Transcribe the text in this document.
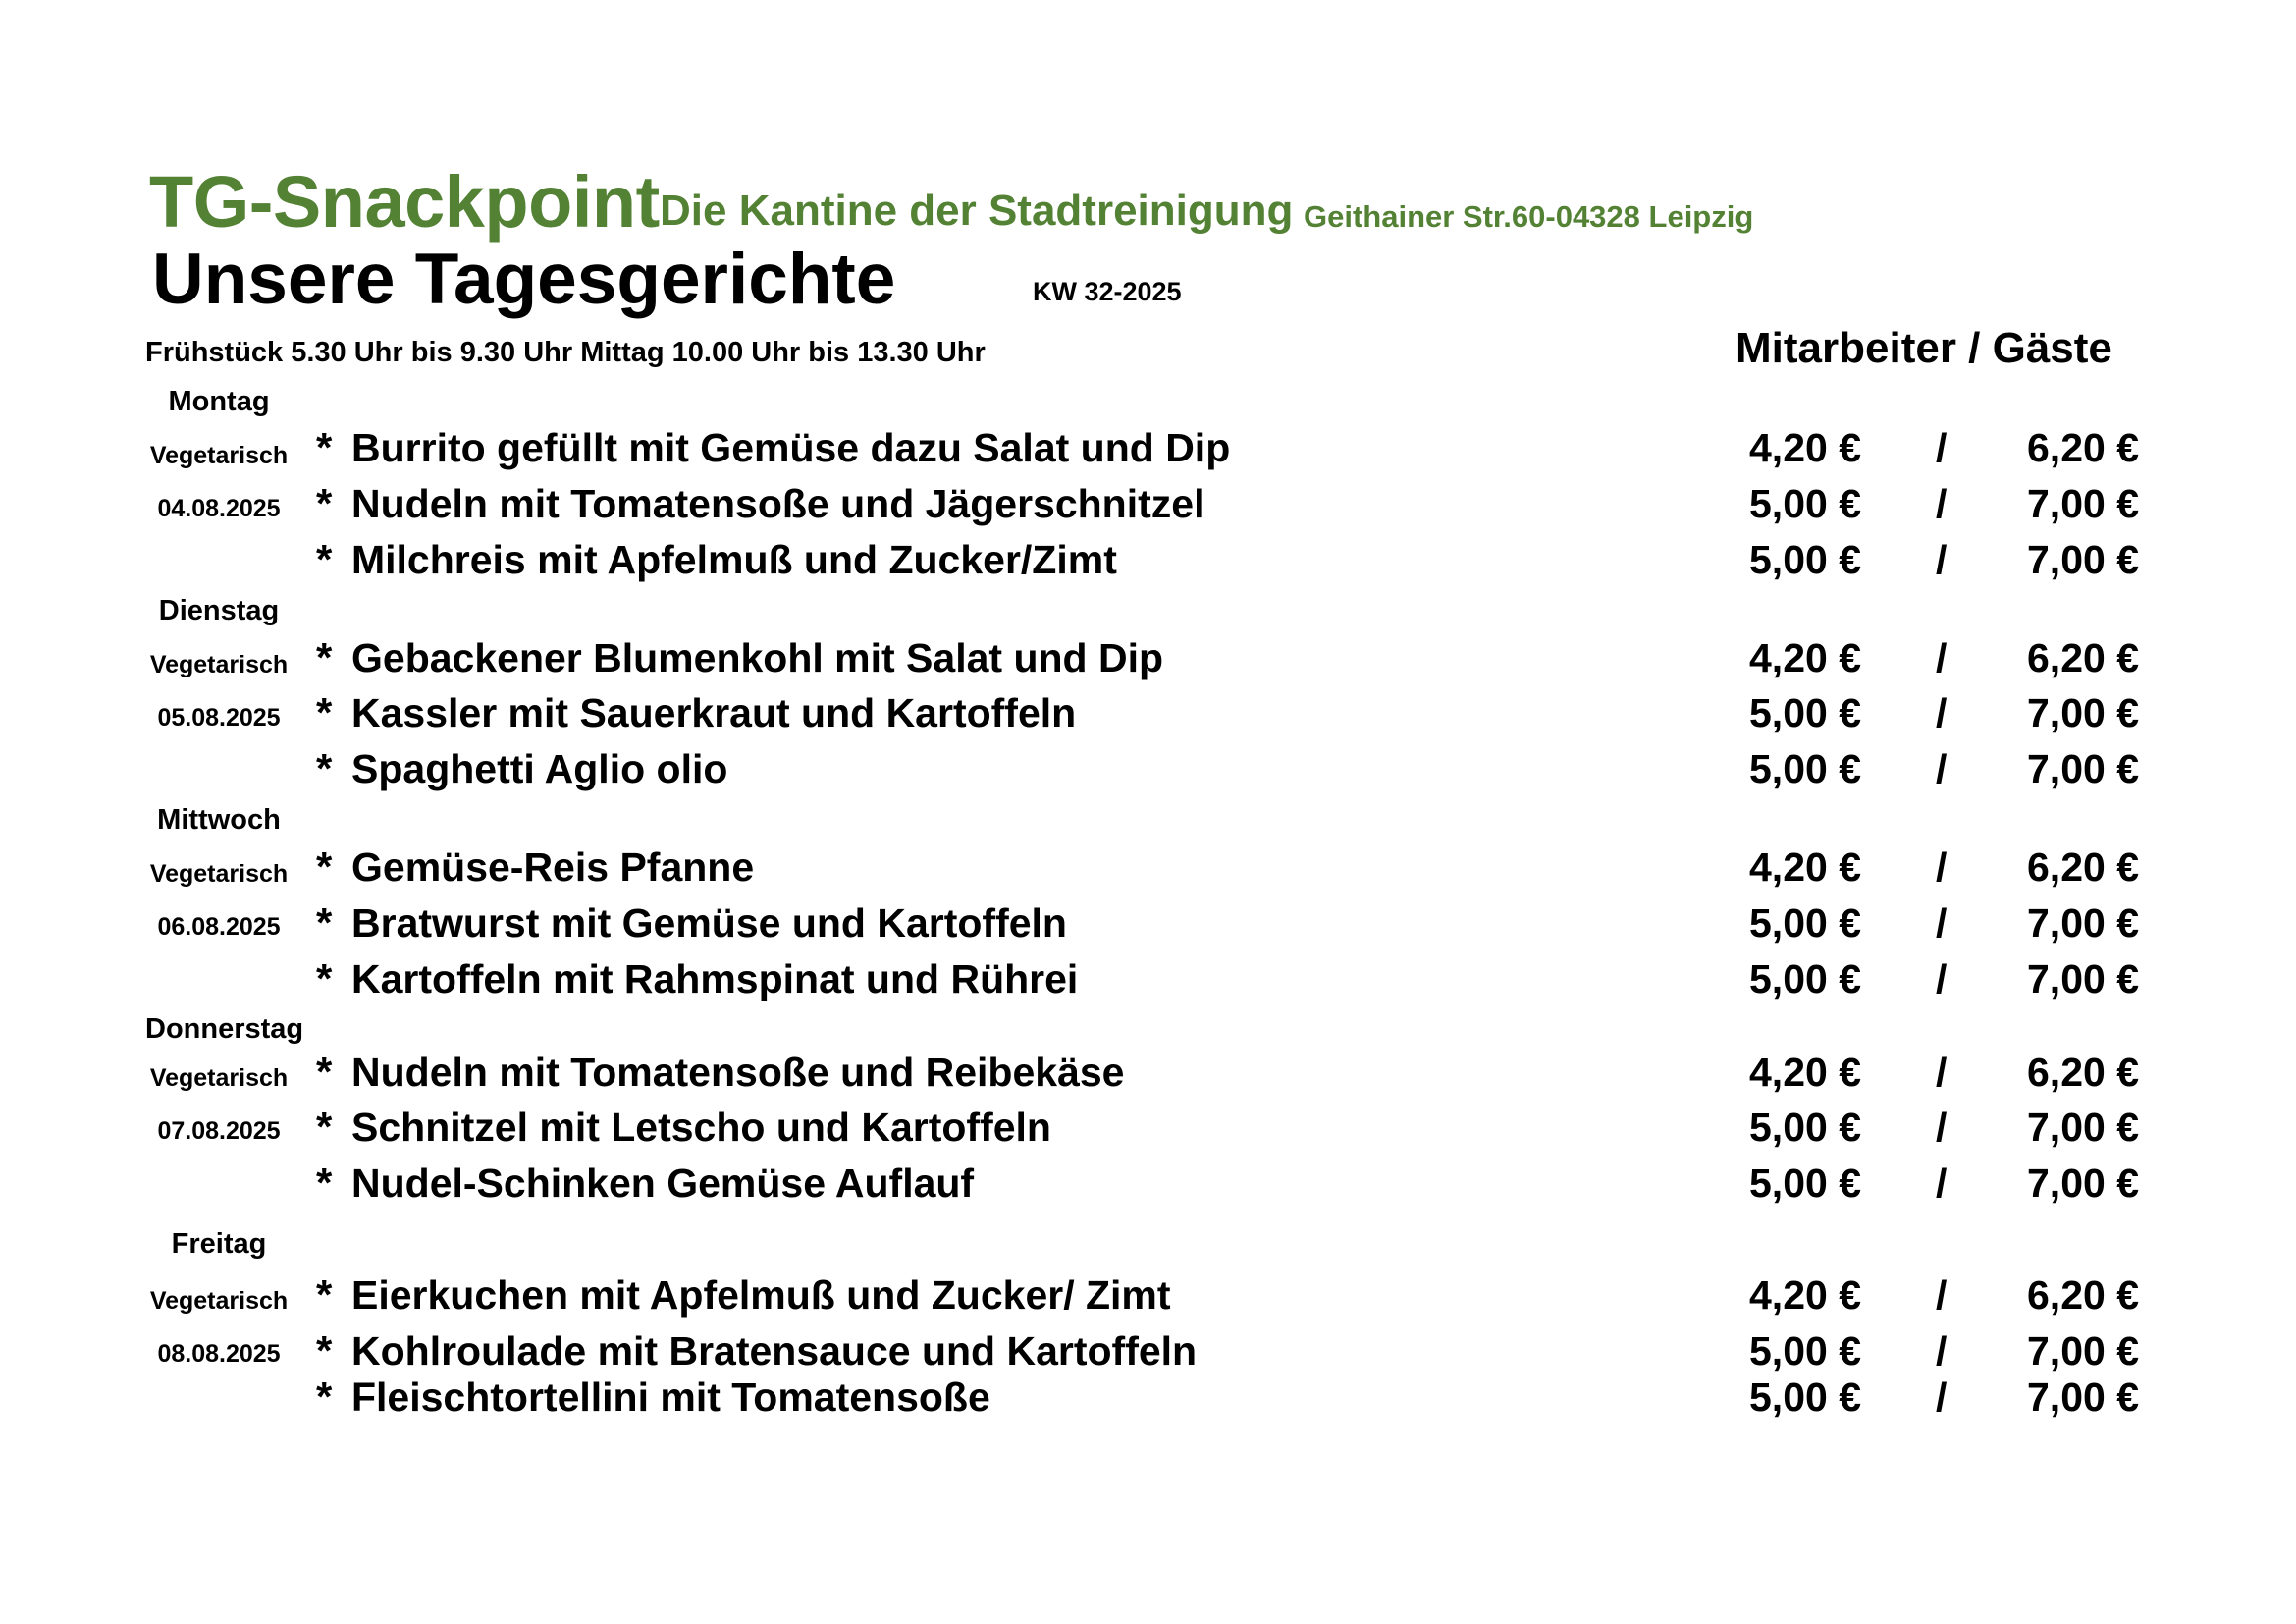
TG-Snackpoint Die Kantine der Stadtreinigung Geithainer Str.60-04328 Leipzig
Unsere Tagesgerichte	KW 32-2025
Frühstück 5.30 Uhr bis 9.30 Uhr Mittag 10.00 Uhr bis 13.30 Uhr	Mitarbeiter / Gäste
Montag
Vegetarisch
04.08.2025
* Burrito gefüllt mit Gemüse dazu Salat und Dip	4,20 € / 6,20 €
* Nudeln mit Tomatensoße und Jägerschnitzel	5,00 € / 7,00 €
* Milchreis mit Apfelmuß und Zucker/Zimt	5,00 € / 7,00 €
Dienstag
Vegetarisch
05.08.2025
* Gebackener Blumenkohl mit Salat und Dip	4,20 € / 6,20 €
* Kassler mit Sauerkraut und Kartoffeln	5,00 € / 7,00 €
* Spaghetti Aglio olio	5,00 € / 7,00 €
Mittwoch
Vegetarisch
06.08.2025
* Gemüse-Reis Pfanne	4,20 € / 6,20 €
* Bratwurst mit Gemüse und Kartoffeln	5,00 € / 7,00 €
* Kartoffeln mit Rahmspinat und Rührei	5,00 € / 7,00 €
Donnerstag
Vegetarisch
07.08.2025
* Nudeln mit Tomatensoße und Reibekäse	4,20 € / 6,20 €
* Schnitzel mit Letscho und Kartoffeln	5,00 € / 7,00 €
* Nudel-Schinken Gemüse Auflauf	5,00 € / 7,00 €
Freitag
Vegetarisch
08.08.2025
* Eierkuchen mit Apfelmuß und Zucker/ Zimt	4,20 € / 6,20 €
* Kohlroulade mit Bratensauce und Kartoffeln	5,00 € / 7,00 €
* Fleischtortellini mit Tomatensoße	5,00 € / 7,00 €
